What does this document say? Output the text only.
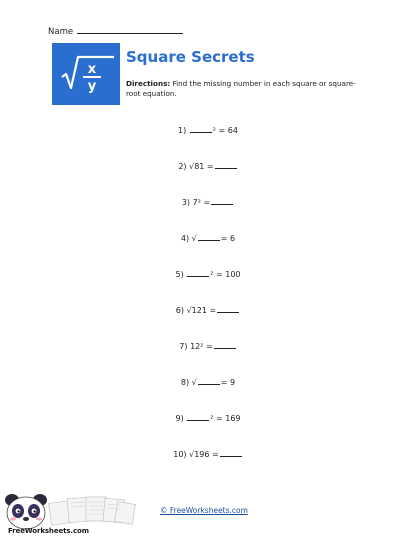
Name
x
y
Square Secrets
Directions: Find the missing number in each square or square-root equation.
1)	² = 64
2) √81 =
3) 7² =
4) √	= 6
5)	² = 100
6) √121 =
7) 12² =
8) √	= 9
9)	² = 169
10) √196 =
FreeWorksheets.com
© FreeWorksheets.com
